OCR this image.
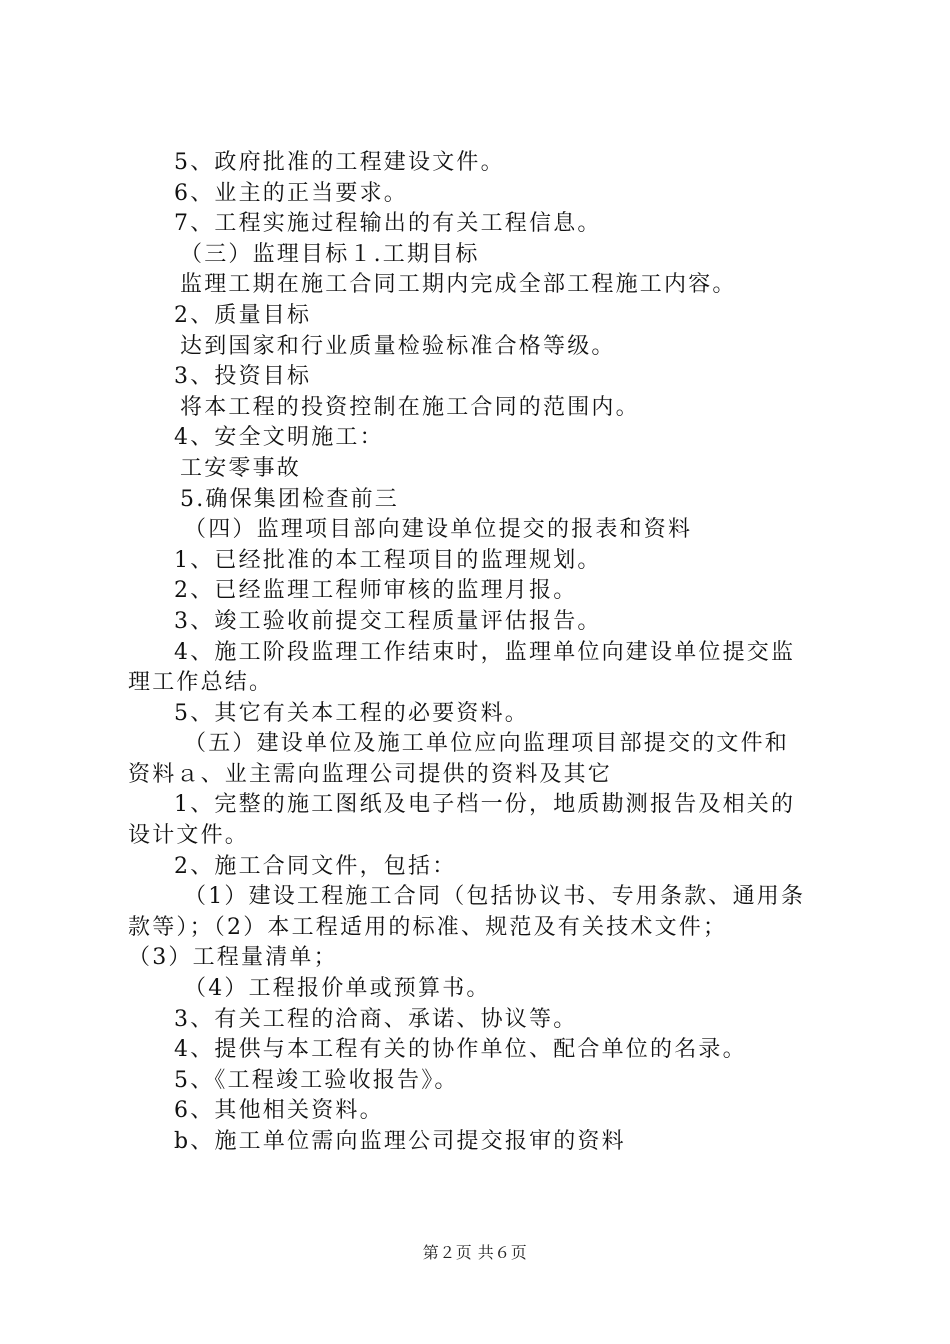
5、政府批准的工程建设文件。
6、业主的正当要求。
7、工程实施过程输出的有关工程信息。
（三）监理目标１.工期目标
监理工期在施工合同工期内完成全部工程施工内容。
2、质量目标
达到国家和行业质量检验标准合格等级。
3、投资目标
将本工程的投资控制在施工合同的范围内。
4、安全文明施工：
工安零事故
5.确保集团检查前三
（四）监理项目部向建设单位提交的报表和资料
1、已经批准的本工程项目的监理规划。
2、已经监理工程师审核的监理月报。
3、竣工验收前提交工程质量评估报告。
4、施工阶段监理工作结束时，监理单位向建设单位提交监
理工作总结。
5、其它有关本工程的必要资料。
（五）建设单位及施工单位应向监理项目部提交的文件和
资料ａ、业主需向监理公司提供的资料及其它
1、完整的施工图纸及电子档一份，地质勘测报告及相关的
设计文件。
2、施工合同文件，包括：
（1）建设工程施工合同（包括协议书、专用条款、通用条
款等）；（2）本工程适用的标准、规范及有关技术文件；
（3）工程量清单；
（4）工程报价单或预算书。
3、有关工程的洽商、承诺、协议等。
4、提供与本工程有关的协作单位、配合单位的名录。
5、《工程竣工验收报告》。
6、其他相关资料。
b、施工单位需向监理公司提交报审的资料
第２页 共６页
